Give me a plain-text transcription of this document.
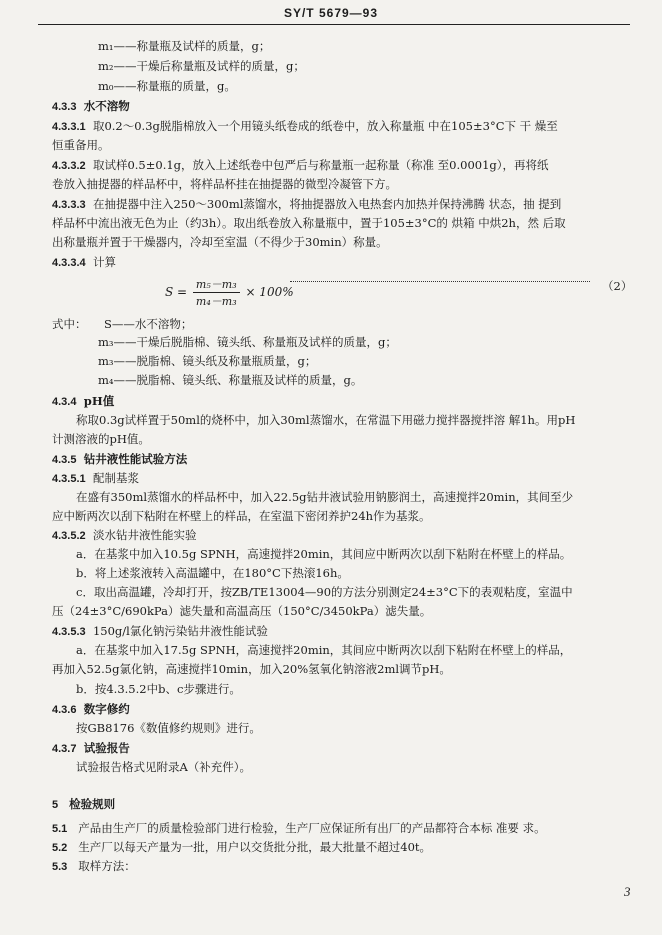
SY/T 5679—93
m₁——称量瓶及试样的质量，g；
m₂——干燥后称量瓶及试样的质量，g；
m₀——称量瓶的质量，g。
4.3.3 水不溶物
4.3.3.1 取0.2～0.3g脱脂棉放入一个用镜头纸卷成的纸卷中，放入称量瓶 中在105±3°C下 干 燥至
恒重备用。
4.3.3.2 取试样0.5±0.1g，放入上述纸卷中包严后与称量瓶一起称量（称准 至0.0001g），再将纸
卷放入抽提器的样品杯中，将样品杯挂在抽提器的微型冷凝管下方。
4.3.3.3 在抽提器中注入250～300ml蒸馏水，将抽提器放入电热套内加热并保持沸腾 状态，抽 提到
样品杯中流出液无色为止（约3h）。取出纸卷放入称量瓶中，置于105±3°C的 烘箱 中烘2h，然 后取
出称量瓶并置于干燥器内，冷却至室温（不得少于30min）称量。
4.3.3.4 计算
$S = \frac{\text{m₅－m₃}}{\text{m₄－m₃}} \times 100\%$	（2）
式中： S——水不溶物；
m₃——干燥后脱脂棉、镜头纸、称量瓶及试样的质量，g；
m₃——脱脂棉、镜头纸及称量瓶质量，g；
m₄——脱脂棉、镜头纸、称量瓶及试样的质量，g。
4.3.4 pH值
称取0.3g试样置于50ml的烧杯中，加入30ml蒸馏水，在常温下用磁力搅拌器搅拌溶 解1h。用pH
计测溶液的pH值。
4.3.5 钻井液性能试验方法
4.3.5.1 配制基浆
在盛有350ml蒸馏水的样品杯中，加入22.5g钻井液试验用钠膨润土，高速搅拌20min，其间至少
应中断两次以刮下粘附在杯壁上的样品，在室温下密闭养护24h作为基浆。
4.3.5.2 淡水钻井液性能实验
a．在基浆中加入10.5g SPNH，高速搅拌20min，其间应中断两次以刮下粘附在杯壁上的样品。
b．将上述浆液转入高温罐中，在180°C下热滚16h。
c．取出高温罐，冷却打开，按ZB/TE13004—90的方法分别测定24±3°C下的表观粘度，室温中
压（24±3°C/690kPa）滤失量和高温高压（150°C/3450kPa）滤失量。
4.3.5.3 150g/l氯化钠污染钻井液性能试验
a．在基浆中加入17.5g SPNH，高速搅拌20min，其间应中断两次以刮下粘附在杯壁上的样品，
再加入52.5g氯化钠，高速搅拌10min，加入20%氢氧化钠溶液2ml调节pH。
b．按4.3.5.2中b、c步骤进行。
4.3.6 数字修约
按GB8176《数值修约规则》进行。
4.3.7 试验报告
试验报告格式见附录A（补充件）。
5 检验规则
5.1 产品由生产厂的质量检验部门进行检验，生产厂应保证所有出厂的产品都符合本标 准要 求。
5.2 生产厂以每天产量为一批，用户以交货批分批，最大批量不超过40t。
5.3 取样方法：
3
